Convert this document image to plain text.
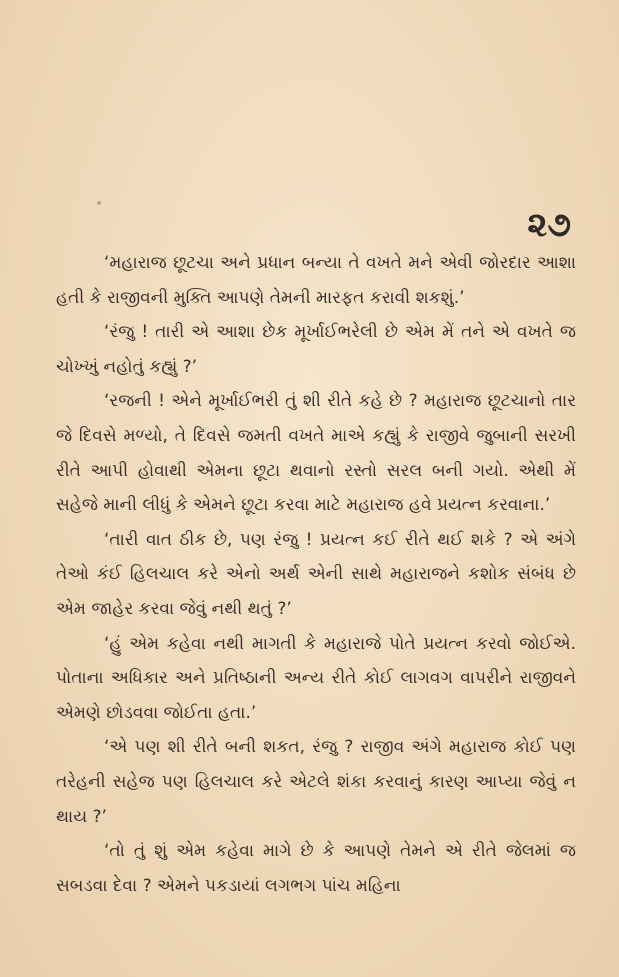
૨૭

‘મહારાજ છૂટચા અને પ્રધાન બન્યા તે વખતે મને એવી જોરદાર આશા હતી કે રાજીવની મુક્તિ આપણે તેમની મારફત કરાવી શકશું.’

‘રંજુ ! તારી એ આશા છેક મૂર્ખાઈભરેલી છે એમ મેં તને એ વખતે જ ચોખ્ખું નહોતું કહ્યું ?’

‘રજની ! એને મૂર્ખાઈભરી તું શી રીતે કહે છે ? મહારાજ છૂટચાનો તાર જે દિવસે મળ્યો, તે દિવસે જમતી વખતે માએ કહ્યું કે રાજીવે જુબાની સરખી રીતે આપી હોવાથી એમના છૂટા થવાનો રસ્તો સરલ બની ગયો. એથી મેં સહેજે માની લીધું કે એમને છૂટા કરવા માટે મહારાજ હવે પ્રયત્ન કરવાના.’

‘તારી વાત ઠીક છે, પણ રંજુ ! પ્રયત્ન કઈ રીતે થઈ શકે ? એ અંગે તેઓ કંઈ હિલચાલ કરે એનો અર્થ એની સાથે મહારાજને કશોક સંબંધ છે એમ જાહેર કરવા જેવું નથી થતું ?’

‘હું એમ કહેવા નથી માગતી કે મહારાજે પોતે પ્રયત્ન કરવો જોઈએ. પોતાના અધિકાર અને પ્રતિષ્ઠાની અન્ય રીતે કોઈ લાગવગ વાપરીને રાજીવને એમણે છોડવવા જોઈતા હતા.’

‘એ પણ શી રીતે બની શકત, રંજુ ? રાજીવ અંગે મહારાજ કોઈ પણ તરેહની સહેજ પણ હિલચાલ કરે એટલે શંકા કરવાનું કારણ આપ્યા જેવું ન થાય ?’

‘તો તું શું એમ કહેવા માગે છે કે આપણે તેમને એ રીતે જેલમાં જ સબડવા દેવા ? એમને પકડાયાં લગભગ પાંચ મહિના
